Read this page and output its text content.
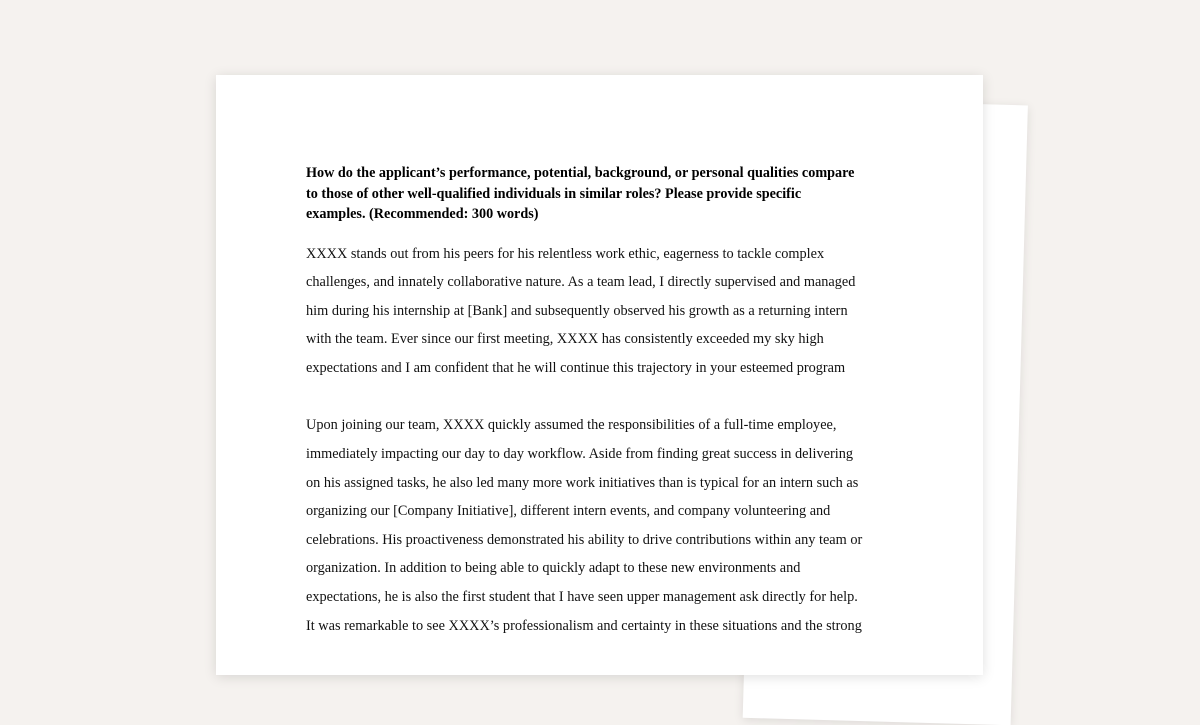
How do the applicant’s performance, potential, background, or personal qualities compare
to those of other well-qualified individuals in similar roles? Please provide specific
examples. (Recommended: 300 words)

XXXX stands out from his peers for his relentless work ethic, eagerness to tackle complex
challenges, and innately collaborative nature. As a team lead, I directly supervised and managed
him during his internship at [Bank] and subsequently observed his growth as a returning intern
with the team. Ever since our first meeting, XXXX has consistently exceeded my sky high
expectations and I am confident that he will continue this trajectory in your esteemed program

Upon joining our team, XXXX quickly assumed the responsibilities of a full-time employee,
immediately impacting our day to day workflow. Aside from finding great success in delivering
on his assigned tasks, he also led many more work initiatives than is typical for an intern such as
organizing our [Company Initiative], different intern events, and company volunteering and
celebrations. His proactiveness demonstrated his ability to drive contributions within any team or
organization. In addition to being able to quickly adapt to these new environments and
expectations, he is also the first student that I have seen upper management ask directly for help.
It was remarkable to see XXXX’s professionalism and certainty in these situations and the strong
